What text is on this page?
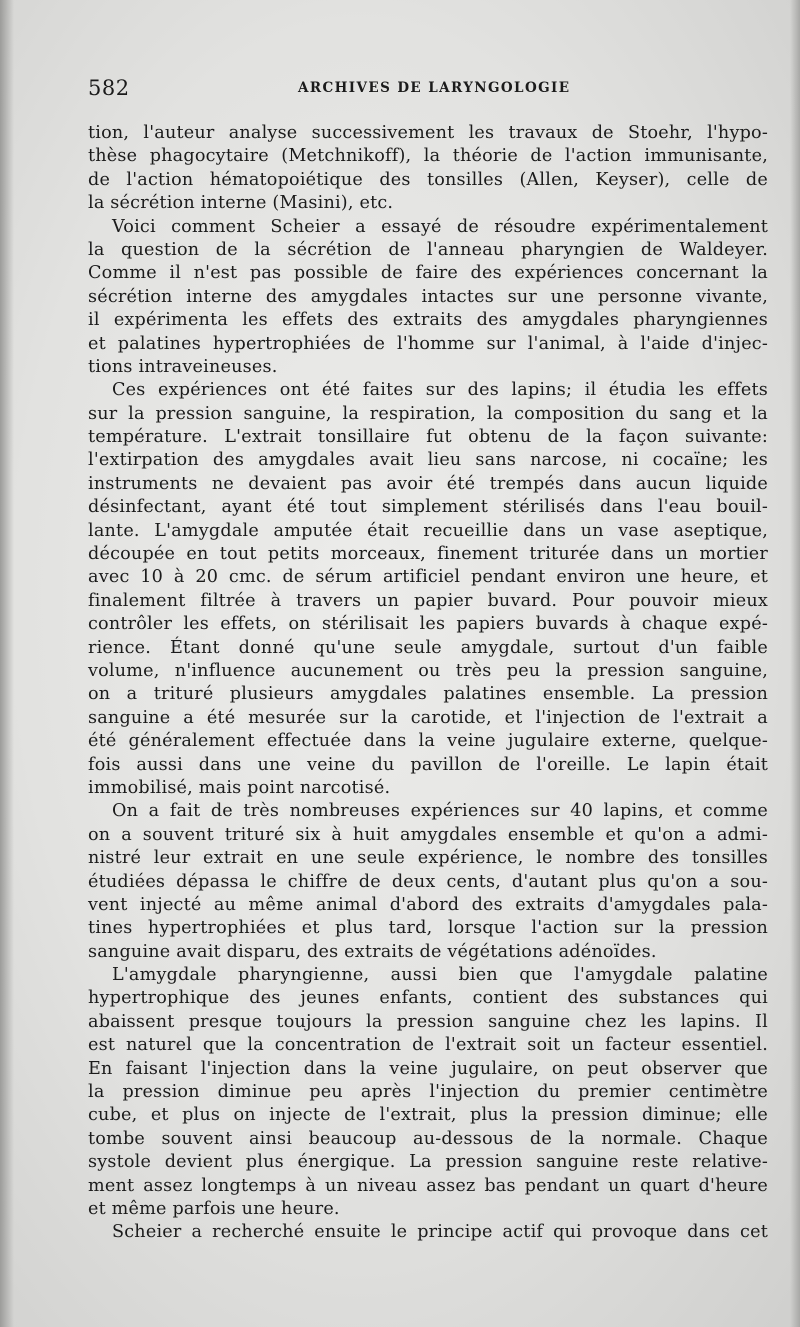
582	ARCHIVES DE LARYNGOLOGIE
tion, l'auteur analyse successivement les travaux de Stoehr, l'hypo-
thèse phagocytaire (Metchnikoff), la théorie de l'action immunisante,
de l'action hématopoiétique des tonsilles (Allen, Keyser), celle de
la sécrétion interne (Masini), etc.
Voici comment Scheier a essayé de résoudre expérimentalement
la question de la sécrétion de l'anneau pharyngien de Waldeyer.
Comme il n'est pas possible de faire des expériences concernant la
sécrétion interne des amygdales intactes sur une personne vivante,
il expérimenta les effets des extraits des amygdales pharyngiennes
et palatines hypertrophiées de l'homme sur l'animal, à l'aide d'injec-
tions intraveineuses.
Ces expériences ont été faites sur des lapins; il étudia les effets
sur la pression sanguine, la respiration, la composition du sang et la
température. L'extrait tonsillaire fut obtenu de la façon suivante:
l'extirpation des amygdales avait lieu sans narcose, ni cocaïne; les
instruments ne devaient pas avoir été trempés dans aucun liquide
désinfectant, ayant été tout simplement stérilisés dans l'eau bouil-
lante. L'amygdale amputée était recueillie dans un vase aseptique,
découpée en tout petits morceaux, finement triturée dans un mortier
avec 10 à 20 cmc. de sérum artificiel pendant environ une heure, et
finalement filtrée à travers un papier buvard. Pour pouvoir mieux
contrôler les effets, on stérilisait les papiers buvards à chaque expé-
rience. Étant donné qu'une seule amygdale, surtout d'un faible
volume, n'influence aucunement ou très peu la pression sanguine,
on a trituré plusieurs amygdales palatines ensemble. La pression
sanguine a été mesurée sur la carotide, et l'injection de l'extrait a
été généralement effectuée dans la veine jugulaire externe, quelque-
fois aussi dans une veine du pavillon de l'oreille. Le lapin était
immobilisé, mais point narcotisé.
On a fait de très nombreuses expériences sur 40 lapins, et comme
on a souvent trituré six à huit amygdales ensemble et qu'on a admi-
nistré leur extrait en une seule expérience, le nombre des tonsilles
étudiées dépassa le chiffre de deux cents, d'autant plus qu'on a sou-
vent injecté au même animal d'abord des extraits d'amygdales pala-
tines hypertrophiées et plus tard, lorsque l'action sur la pression
sanguine avait disparu, des extraits de végétations adénoïdes.
L'amygdale pharyngienne, aussi bien que l'amygdale palatine
hypertrophique des jeunes enfants, contient des substances qui
abaissent presque toujours la pression sanguine chez les lapins. Il
est naturel que la concentration de l'extrait soit un facteur essentiel.
En faisant l'injection dans la veine jugulaire, on peut observer que
la pression diminue peu après l'injection du premier centimètre
cube, et plus on injecte de l'extrait, plus la pression diminue; elle
tombe souvent ainsi beaucoup au-dessous de la normale. Chaque
systole devient plus énergique. La pression sanguine reste relative-
ment assez longtemps à un niveau assez bas pendant un quart d'heure
et même parfois une heure.
Scheier a recherché ensuite le principe actif qui provoque dans cet
